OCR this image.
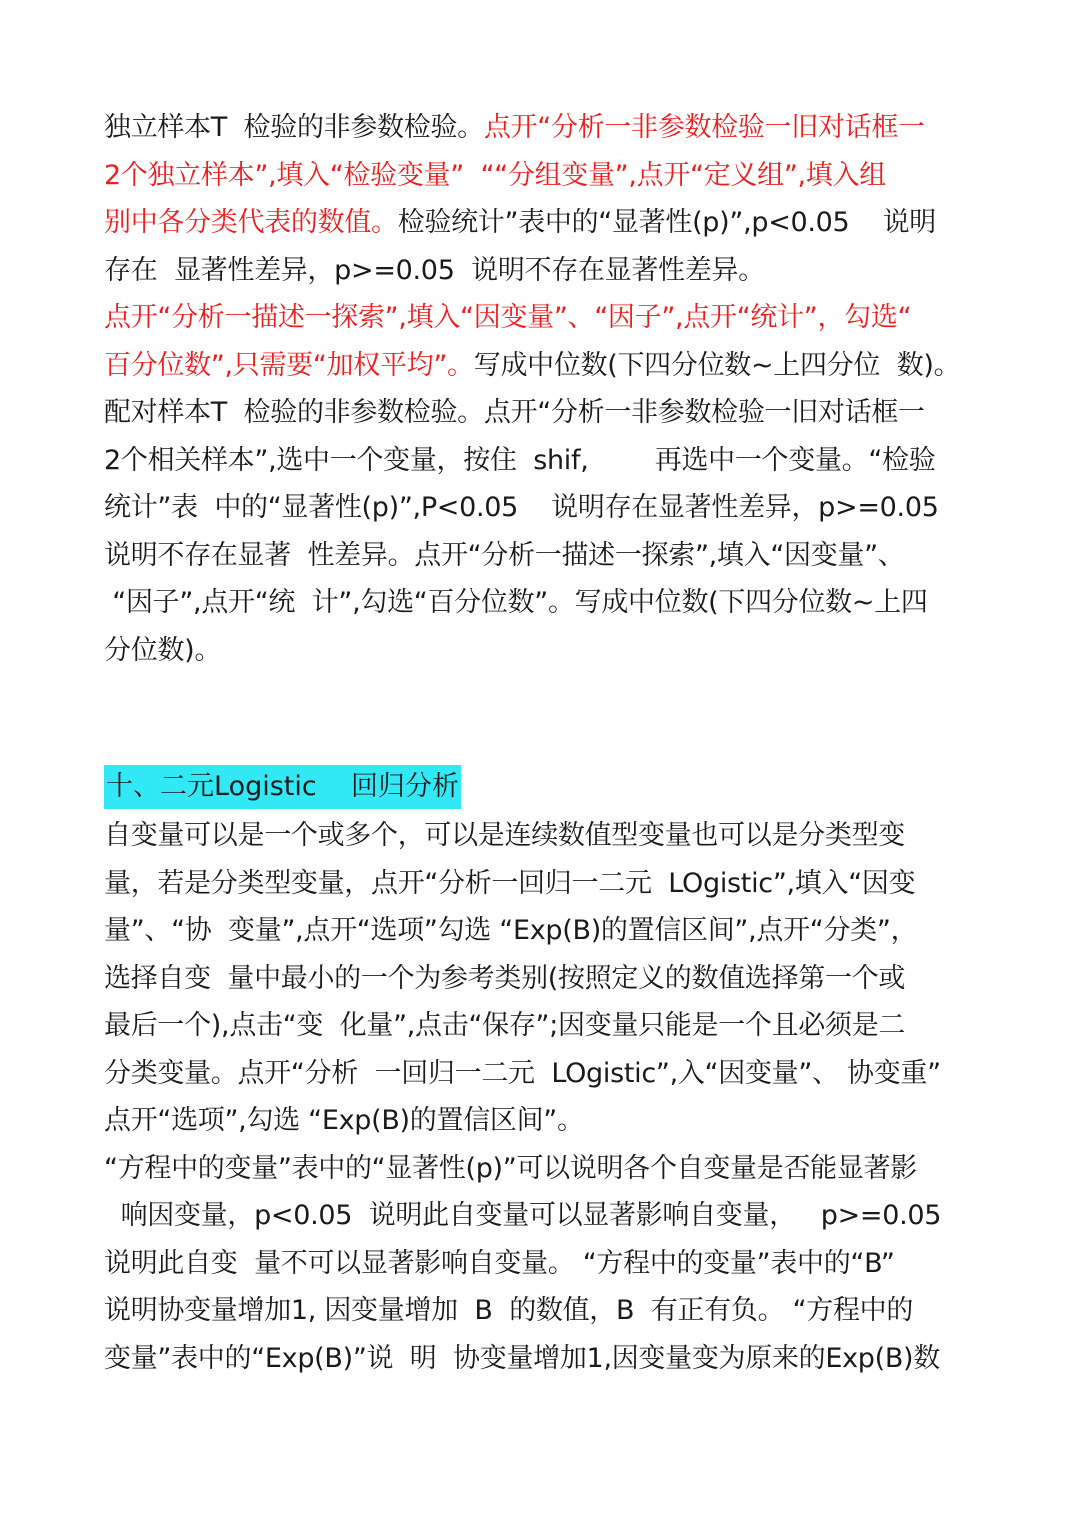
独立样本T  检验的非参数检验。点开“分析一非参数检验一旧对话框一
2个独立样本”,填入“检验变量”  ““分组变量”,点开“定义组”,填入组
别中各分类代表的数值。检验统计”表中的“显著性(p)”,p<0.05    说明
存在  显著性差异，p>=0.05  说明不存在显著性差异。
点开“分析一描述一探索”,填入“因变量”、“因子”,点开“统计”，勾选“
百分位数”,只需要“加权平均”。写成中位数(下四分位数~上四分位  数)。
配对样本T  检验的非参数检验。点开“分析一非参数检验一旧对话框一
2个相关样本”,选中一个变量，按住  shif,        再选中一个变量。“检验
统计”表  中的“显著性(p)”,P<0.05    说明存在显著性差异，p>=0.05
说明不存在显著  性差异。点开“分析一描述一探索”,填入“因变量”、
“因子”,点开“统  计”,勾选“百分位数”。写成中位数(下四分位数~上四
分位数)。
十、二元Logistic    回归分析
自变量可以是一个或多个，可以是连续数值型变量也可以是分类型变
量，若是分类型变量，点开“分析一回归一二元  LOgistic”,填入“因变
量”、“协  变量”,点开“选项”勾选 “Exp(B)的置信区间”,点开“分类”，
选择自变  量中最小的一个为参考类别(按照定义的数值选择第一个或
最后一个),点击“变  化量”,点击“保存”;因变量只能是一个且必须是二
分类变量。点开“分析  一回归一二元  LOgistic”,入“因变量”、 协变重”
点开“选项”,勾选 “Exp(B)的置信区间”。
“方程中的变量”表中的“显著性(p)”可以说明各个自变量是否能显著影
响因变量，p<0.05  说明此自变量可以显著影响自变量，   p>=0.05
说明此自变  量不可以显著影响自变量。 “方程中的变量”表中的“B”
说明协变量增加1, 因变量增加  B  的数值，B  有正有负。 “方程中的
变量”表中的“Exp(B)”说  明  协变量增加1,因变量变为原来的Exp(B)数
